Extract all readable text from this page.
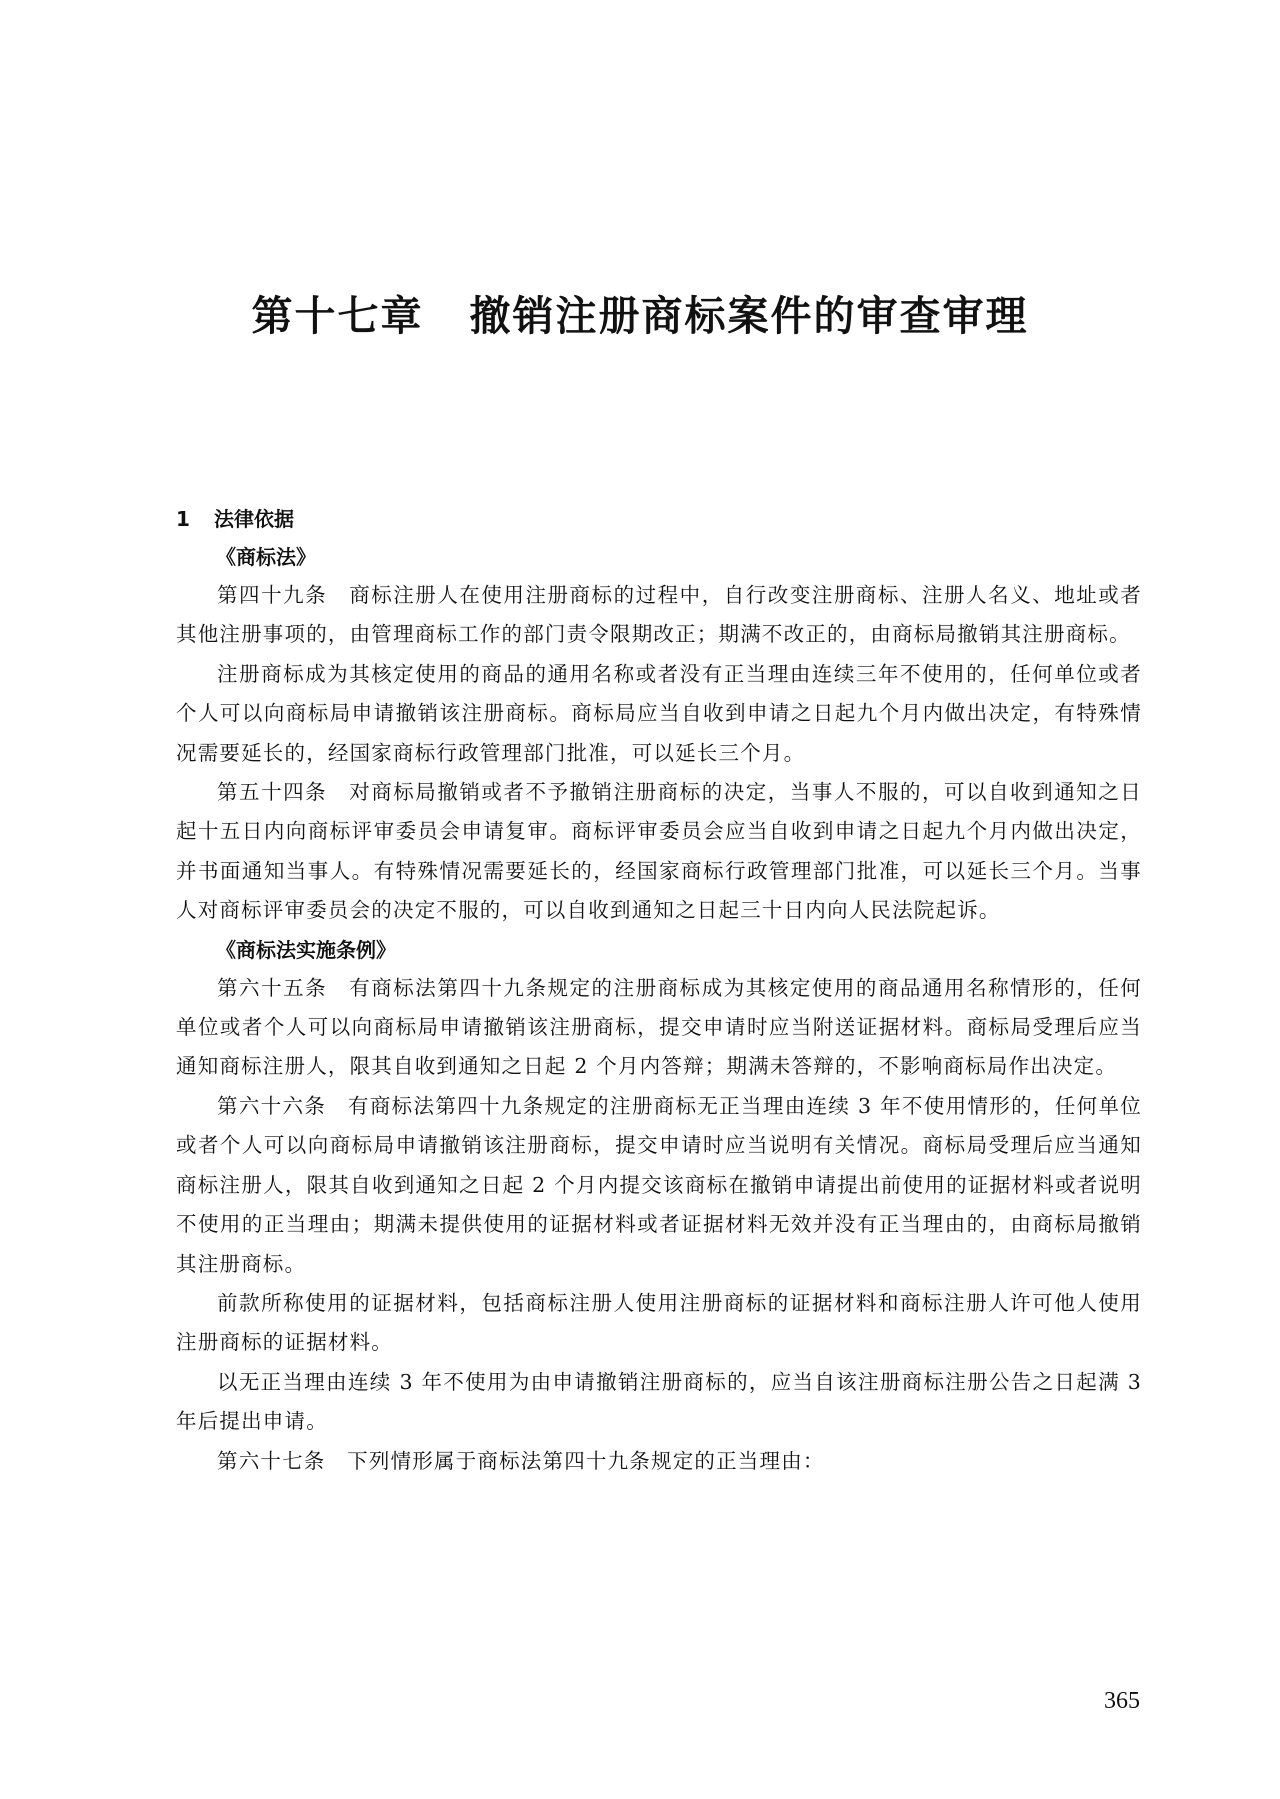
第十七章 撤销注册商标案件的审查审理
1 法律依据
《商标法》

第四十九条　商标注册人在使用注册商标的过程中，自行改变注册商标、注册人名义、地址或者其他注册事项的，由管理商标工作的部门责令限期改正；期满不改正的，由商标局撤销其注册商标。

注册商标成为其核定使用的商品的通用名称或者没有正当理由连续三年不使用的，任何单位或者个人可以向商标局申请撤销该注册商标。商标局应当自收到申请之日起九个月内做出决定，有特殊情况需要延长的，经国家商标行政管理部门批准，可以延长三个月。

第五十四条　对商标局撤销或者不予撤销注册商标的决定，当事人不服的，可以自收到通知之日起十五日内向商标评审委员会申请复审。商标评审委员会应当自收到申请之日起九个月内做出决定，并书面通知当事人。有特殊情况需要延长的，经国家商标行政管理部门批准，可以延长三个月。当事人对商标评审委员会的决定不服的，可以自收到通知之日起三十日内向人民法院起诉。

《商标法实施条例》

第六十五条　有商标法第四十九条规定的注册商标成为其核定使用的商品通用名称情形的，任何单位或者个人可以向商标局申请撤销该注册商标，提交申请时应当附送证据材料。商标局受理后应当通知商标注册人，限其自收到通知之日起 2 个月内答辩；期满未答辩的，不影响商标局作出决定。

第六十六条　有商标法第四十九条规定的注册商标无正当理由连续 3 年不使用情形的，任何单位或者个人可以向商标局申请撤销该注册商标，提交申请时应当说明有关情况。商标局受理后应当通知商标注册人，限其自收到通知之日起 2 个月内提交该商标在撤销申请提出前使用的证据材料或者说明不使用的正当理由；期满未提供使用的证据材料或者证据材料无效并没有正当理由的，由商标局撤销其注册商标。

前款所称使用的证据材料，包括商标注册人使用注册商标的证据材料和商标注册人许可他人使用注册商标的证据材料。

以无正当理由连续 3 年不使用为由申请撤销注册商标的，应当自该注册商标注册公告之日起满 3 年后提出申请。

第六十七条　下列情形属于商标法第四十九条规定的正当理由：

365
